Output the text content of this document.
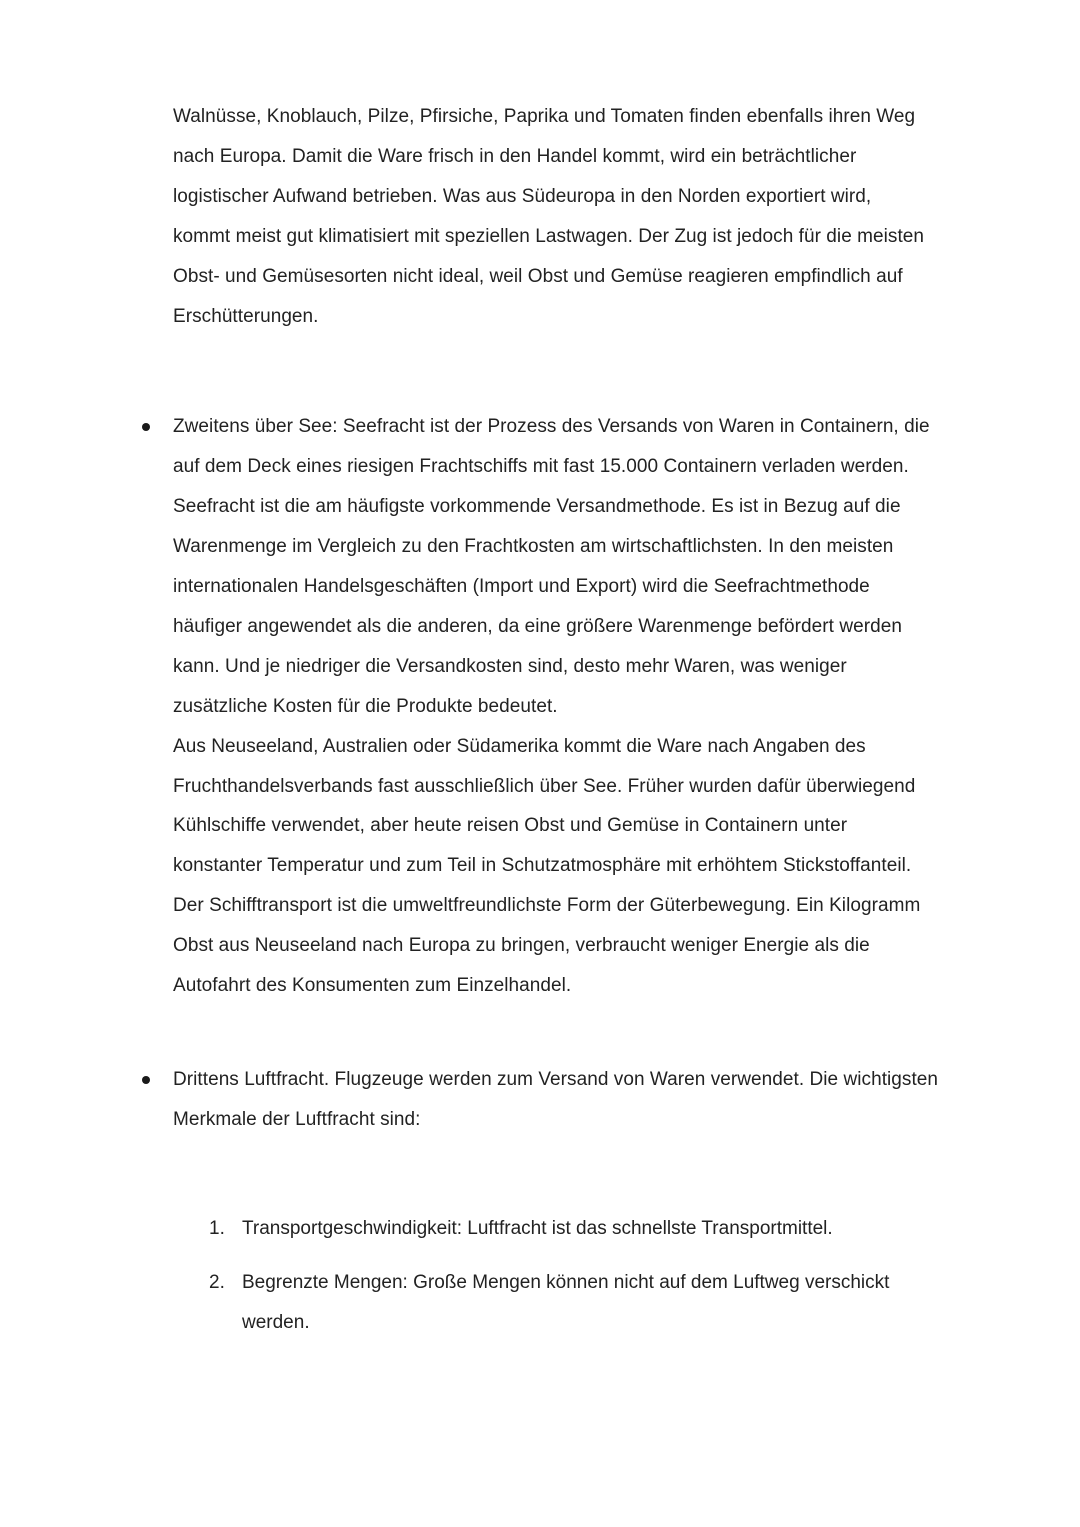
Walnüsse, Knoblauch, Pilze, Pfirsiche, Paprika und Tomaten finden ebenfalls ihren Weg
nach Europa. Damit die Ware frisch in den Handel kommt, wird ein beträchtlicher
logistischer Aufwand betrieben. Was aus Südeuropa in den Norden exportiert wird,
kommt meist gut klimatisiert mit speziellen Lastwagen. Der Zug ist jedoch für die meisten
Obst- und Gemüsesorten nicht ideal, weil Obst und Gemüse reagieren empfindlich auf
Erschütterungen.
Zweitens über See: Seefracht ist der Prozess des Versands von Waren in Containern, die
auf dem Deck eines riesigen Frachtschiffs mit fast 15.000 Containern verladen werden.
Seefracht ist die am häufigste vorkommende Versandmethode. Es ist in Bezug auf die
Warenmenge im Vergleich zu den Frachtkosten am wirtschaftlichsten. In den meisten
internationalen Handelsgeschäften (Import und Export) wird die Seefrachtmethode
häufiger angewendet als die anderen, da eine größere Warenmenge befördert werden
kann. Und je niedriger die Versandkosten sind, desto mehr Waren, was weniger
zusätzliche Kosten für die Produkte bedeutet.
Aus Neuseeland, Australien oder Südamerika kommt die Ware nach Angaben des
Fruchthandelsverbands fast ausschließlich über See. Früher wurden dafür überwiegend
Kühlschiffe verwendet, aber heute reisen Obst und Gemüse in Containern unter
konstanter Temperatur und zum Teil in Schutzatmosphäre mit erhöhtem Stickstoffanteil.
Der Schifftransport ist die umweltfreundlichste Form der Güterbewegung. Ein Kilogramm
Obst aus Neuseeland nach Europa zu bringen, verbraucht weniger Energie als die
Autofahrt des Konsumenten zum Einzelhandel.
Drittens Luftfracht. Flugzeuge werden zum Versand von Waren verwendet. Die wichtigsten
Merkmale der Luftfracht sind:
1. Transportgeschwindigkeit: Luftfracht ist das schnellste Transportmittel.
2. Begrenzte Mengen: Große Mengen können nicht auf dem Luftweg verschickt
werden.
